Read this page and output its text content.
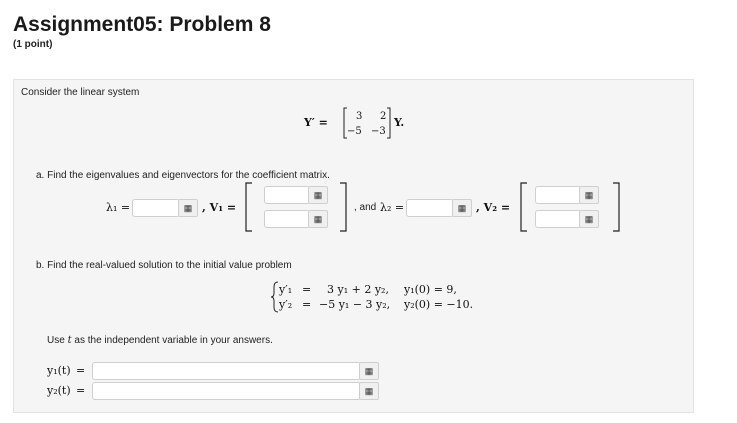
Assignment05: Problem 8
(1 point)
Consider the linear system
Y′ =	3 2
−5 −3
Y.
a. Find the eigenvalues and eigenvectors for the coefficient matrix.
λ₁ =	▦ , V₁ =
▦
▦
, and λ₂ =	▦ , V₂ =
▦
▦
b. Find the real-valued solution to the initial value problem
y′₁ = 3 y₁ + 2 y₂, y₁(0) = 9,
y′₂ = −5 y₁ − 3 y₂, y₂(0) = −10.
Use t as the independent variable in your answers.
y₁(t) =	▦
y₂(t) =	▦
